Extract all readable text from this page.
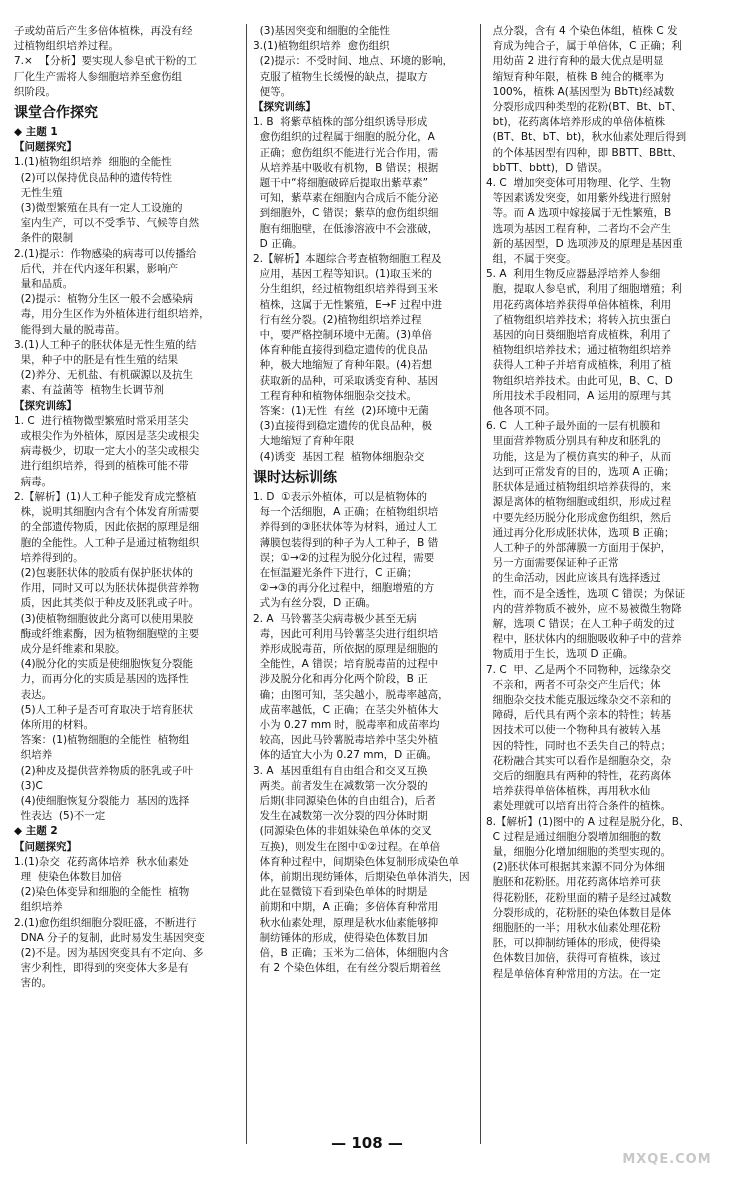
子或幼苗后产生多倍体植株，再没有经
过植物组织培养过程。
7.×  【分析】要实现人参皂甙干粉的工
厂化生产需将人参细胞培养至愈伤组
织阶段。
课堂合作探究
◆ 主题 1
【问题探究】
1.(1)植物组织培养  细胞的全能性
(2)可以保持优良品种的遗传特性
无性生殖
(3)微型繁殖在具有一定人工设施的
室内生产，可以不受季节、气候等自然
条件的限制
2.(1)提示：作物感染的病毒可以传播给
后代，并在代内逐年积累，影响产
量和品质。
(2)提示：植物分生区一般不会感染病
毒，用分生区作为外植体进行组织培养，
能得到大量的脱毒苗。
3.(1)人工种子的胚状体是无性生殖的结
果，种子中的胚是有性生殖的结果
(2)养分、无机盐、有机碳源以及抗生
素、有益菌等  植物生长调节剂
【探究训练】
1. C  进行植物微型繁殖时常采用茎尖
或根尖作为外植体，原因是茎尖或根尖
病毒极少，切取一定大小的茎尖或根尖
进行组织培养，得到的植株可能不带
病毒。
2.【解析】(1)人工种子能发育成完整植
株，说明其细胞内含有个体发育所需要
的全部遗传物质，因此依据的原理是细
胞的全能性。人工种子是通过植物组织
培养得到的。
(2)包裹胚状体的胶质有保护胚状体的
作用，同时又可以为胚状体提供营养物
质，因此其类似于种皮及胚乳或子叶。
(3)使植物细胞彼此分离可以使用果胶
酶或纤维素酶，因为植物细胞壁的主要
成分是纤维素和果胶。
(4)脱分化的实质是使细胞恢复分裂能
力，而再分化的实质是基因的选择性
表达。
(5)人工种子是否可育取决于培育胚状
体所用的材料。
答案：(1)植物细胞的全能性  植物组
织培养
(2)种皮及提供营养物质的胚乳或子叶
(3)C
(4)使细胞恢复分裂能力  基因的选择
性表达  (5)不一定
◆ 主题 2
【问题探究】
1.(1)杂交  花药离体培养  秋水仙素处
理  使染色体数目加倍
(2)染色体变异和细胞的全能性  植物
组织培养
2.(1)愈伤组织细胞分裂旺盛，不断进行
DNA 分子的复制，此时易发生基因突变
(2)不是。因为基因突变具有不定向、多
害少利性，即得到的突变体大多是有
害的。
(3)基因突变和细胞的全能性
3.(1)植物组织培养  愈伤组织
(2)提示：不受时间、地点、环境的影响，
克服了植物生长缓慢的缺点，提取方
便等。
【探究训练】
1. B  将紫草植株的部分组织诱导形成
愈伤组织的过程属于细胞的脱分化，A
正确；愈伤组织不能进行光合作用，需
从培养基中吸收有机物，B 错误；根据
题干中“将细胞破碎后提取出紫草素”
可知，紫草素在细胞内合成后不能分泌
到细胞外，C 错误；紫草的愈伤组织细
胞有细胞壁，在低渗溶液中不会涨破，
D 正确。
2.【解析】本题综合考查植物细胞工程及
应用，基因工程等知识。(1)取玉米的
分生组织，经过植物组织培养得到玉米
植株，这属于无性繁殖，E→F 过程中进
行有丝分裂。(2)植物组织培养过程
中，要严格控制环境中无菌。(3)单倍
体育种能直接得到稳定遗传的优良品
种，极大地缩短了育种年限。(4)若想
获取新的品种，可采取诱变育种、基因
工程育种和植物体细胞杂交技术。
答案：(1)无性  有丝  (2)环境中无菌
(3)直接得到稳定遗传的优良品种，极
大地缩短了育种年限
(4)诱变  基因工程  植物体细胞杂交
课时达标训练
1. D  ①表示外植体，可以是植物体的
每一个活细胞，A 正确；在植物组织培
养得到的③胚状体等为材料，通过人工
薄膜包装得到的种子为人工种子，B 错
误；①→②的过程为脱分化过程，需要
在恒温避光条件下进行，C 正确；
②→③的再分化过程中，细胞增殖的方
式为有丝分裂，D 正确。
2. A  马铃薯茎尖病毒极少甚至无病
毒，因此可利用马铃薯茎尖进行组织培
养形成脱毒苗，所依据的原理是细胞的
全能性，A 错误；培育脱毒苗的过程中
涉及脱分化和再分化两个阶段，B 正
确；由图可知，茎尖越小，脱毒率越高，
成苗率越低，C 正确；在茎尖外植体大
小为 0.27 mm 时，脱毒率和成苗率均
较高，因此马铃薯脱毒培养中茎尖外植
体的适宜大小为 0.27 mm，D 正确。
3. A  基因重组有自由组合和交叉互换
两类。前者发生在减数第一次分裂的
后期(非同源染色体的自由组合)，后者
发生在减数第一次分裂的四分体时期
(同源染色体的非姐妹染色单体的交叉
互换)，则发生在图中①②过程。在单倍
体育种过程中，间期染色体复制形成染色单
体，前期出现纺锤体，后期染色单体消失，因
此在显微镜下看到染色单体的时期是
前期和中期，A 正确；多倍体育种常用
秋水仙素处理，原理是秋水仙素能够抑
制纺锤体的形成，使得染色体数目加
倍，B 正确；玉米为二倍体，体细胞内含
有 2 个染色体组，在有丝分裂后期着丝
点分裂，含有 4 个染色体组，植株 C 发
育成为纯合子，属于单倍体，C 正确；利
用幼苗 2 进行育种的最大优点是明显
缩短育种年限，植株 B 纯合的概率为
100%，植株 A(基因型为 BbTt)经减数
分裂形成四种类型的花粉(BT、Bt、bT、
bt)，花药离体培养形成的单倍体植株
(BT、Bt、bT、bt)，秋水仙素处理后得到
的个体基因型有四种，即 BBTT、BBtt、
bbTT、bbtt)，D 错误。
4. C  增加突变体可用物理、化学、生物
等因素诱发突变，如用紫外线进行照射
等。而 A 选项中嫁接属于无性繁殖，B
选项为基因工程育种，二者均不会产生
新的基因型，D 选项涉及的原理是基因重
组，不属于突变。
5. A  利用生物反应器悬浮培养人参细
胞，提取人参皂甙，利用了细胞增殖；利
用花药离体培养获得单倍体植株，利用
了植物组织培养技术；将转入抗虫蛋白
基因的向日葵细胞培育成植株，利用了
植物组织培养技术；通过植物组织培养
获得人工种子并培育成植株，利用了植
物组织培养技术。由此可见，B、C、D
所用技术手段相同，A 运用的原理与其
他各项不同。
6. C  人工种子最外面的一层有机膜和
里面营养物质分别具有种皮和胚乳的
功能，这是为了模仿真实的种子，从而
达到可正常发育的目的，选项 A 正确；
胚状体是通过植物组织培养获得的，来
源是离体的植物细胞或组织，形成过程
中要先经历脱分化形成愈伤组织，然后
通过再分化形成胚状体，选项 B 正确；
人工种子的外部薄膜一方面用于保护，
另一方面需要保证种子正常
的生命活动，因此应该具有选择透过
性，而不是全透性，选项 C 错误；为保证
内的营养物质不被外，应不易被微生物降
解，选项 C 错误；在人工种子萌发的过
程中，胚状体内的细胞吸收种子中的营养
物质用于生长，选项 D 正确。
7. C  甲、乙是两个不同物种，远缘杂交
不亲和，两者不可杂交产生后代；体
细胞杂交技术能克服远缘杂交不亲和的
障碍，后代具有两个亲本的特性；转基
因技术可以使一个物种具有被转入基
因的特性，同时也不丢失自己的特点；
花粉融合其实可以看作是细胞杂交，杂
交后的细胞具有两种的特性，花药离体
培养获得单倍体植株，再用秋水仙
素处理就可以培育出符合条件的植株。
8.【解析】(1)图中的 A 过程是脱分化，B、
C 过程是通过细胞分裂增加细胞的数
量，细胞分化增加细胞的类型实现的。
(2)胚状体可根据其来源不同分为体细
胞胚和花粉胚。用花药离体培养可获
得花粉胚，花粉里面的精子是经过减数
分裂形成的，花粉胚的染色体数目是体
细胞胚的一半；用秋水仙素处理花粉
胚，可以抑制纺锤体的形成，使得染
色体数目加倍，获得可育植株，该过
程是单倍体育种常用的方法。在一定
— 108 —
MXQE.COM
